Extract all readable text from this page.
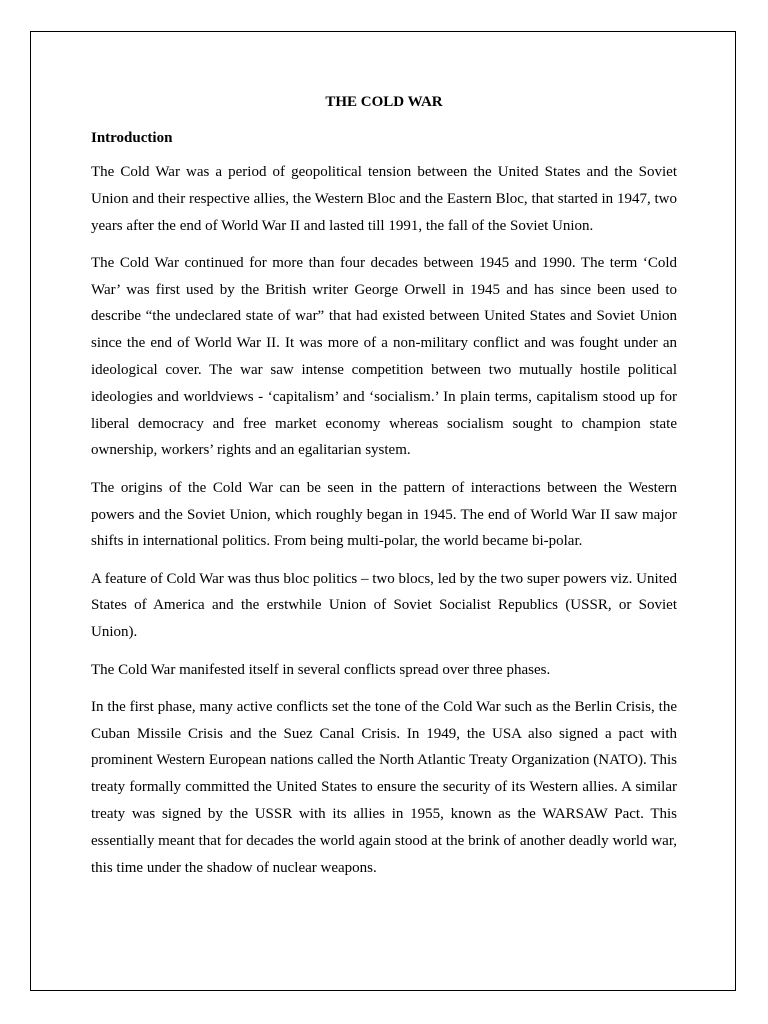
THE COLD WAR
Introduction

The Cold War was a period of geopolitical tension between the United States and the Soviet Union and their respective allies, the Western Bloc and the Eastern Bloc, that started in 1947, two years after the end of World War II and lasted till 1991, the fall of the Soviet Union.

The Cold War continued for more than four decades between 1945 and 1990. The term ‘Cold War’ was first used by the British writer George Orwell in 1945 and has since been used to describe “the undeclared state of war” that had existed between United States and Soviet Union since the end of World War II. It was more of a non-military conflict and was fought under an ideological cover. The war saw intense competition between two mutually hostile political ideologies and worldviews - ‘capitalism’ and ‘socialism.’ In plain terms, capitalism stood up for liberal democracy and free market economy whereas socialism sought to champion state ownership, workers’ rights and an egalitarian system.

The origins of the Cold War can be seen in the pattern of interactions between the Western powers and the Soviet Union, which roughly began in 1945. The end of World War II saw major shifts in international politics. From being multi-polar, the world became bi-polar.

A feature of Cold War was thus bloc politics – two blocs, led by the two super powers viz. United States of America and the erstwhile Union of Soviet Socialist Republics (USSR, or Soviet Union).

The Cold War manifested itself in several conflicts spread over three phases.

In the first phase, many active conflicts set the tone of the Cold War such as the Berlin Crisis, the Cuban Missile Crisis and the Suez Canal Crisis. In 1949, the USA also signed a pact with prominent Western European nations called the North Atlantic Treaty Organization (NATO). This treaty formally committed the United States to ensure the security of its Western allies. A similar treaty was signed by the USSR with its allies in 1955, known as the WARSAW Pact. This essentially meant that for decades the world again stood at the brink of another deadly world war, this time under the shadow of nuclear weapons.
